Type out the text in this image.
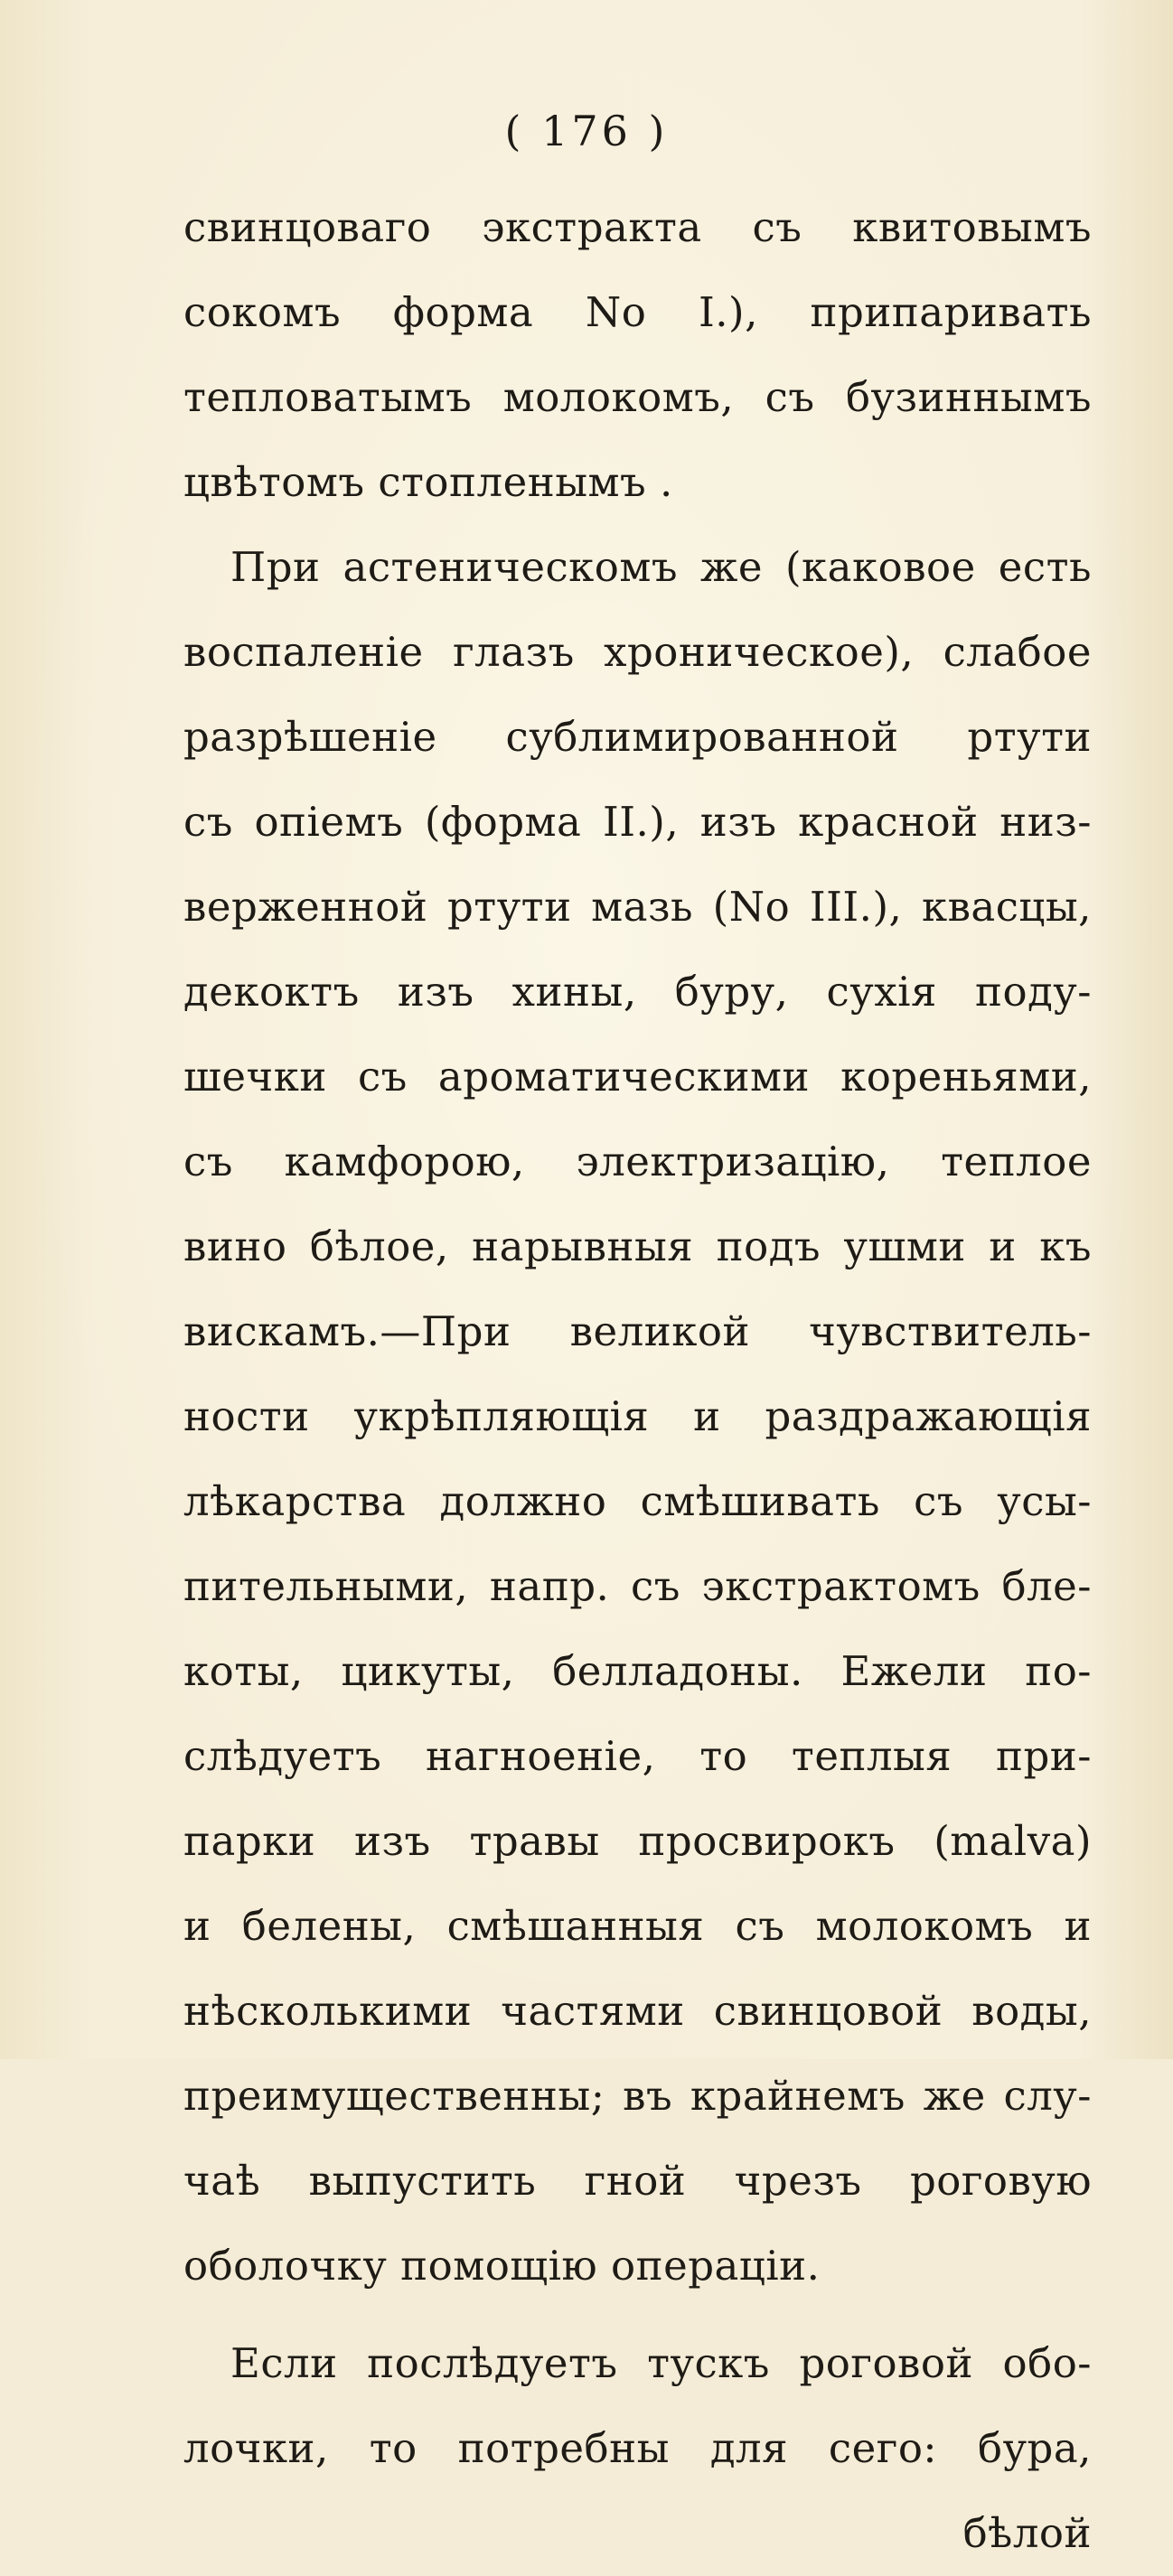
( 176 )
свинцоваго экстракта съ квитовымъ
сокомъ форма No I.), припаривать
тепловатымъ молокомъ, съ бузиннымъ
цвѣтомъ стопленымъ .
При астеническомъ же (каковое есть
воспаленіе глазъ хроническое), слабое
разрѣшеніе сублимированной ртути
съ опіемъ (форма II.), изъ красной низ-
верженной ртути мазь (No III.), квасцы,
декоктъ изъ хины, буру, сухія поду-
шечки съ ароматическими кореньями,
съ камфорою, электризацію, теплое
вино бѣлое, нарывныя подъ ушми и къ
вискамъ.—При великой чувствитель-
ности укрѣпляющія и раздражающія
лѣкарства должно смѣшивать съ усы-
пительными, напр. съ экстрактомъ бле-
коты, цикуты, белладоны. Ежели по-
слѣдуетъ нагноеніе, то теплыя при-
парки изъ травы просвирокъ (malva)
и белены, смѣшанныя съ молокомъ и
нѣсколькими частями свинцовой воды,
преимущественны; въ крайнемъ же слу-
чаѣ выпустить гной чрезъ роговую
оболочку помощію операціи.
Если послѣдуетъ тускъ роговой обо-
лочки, то потребны для сего: бура,
бѣлой
